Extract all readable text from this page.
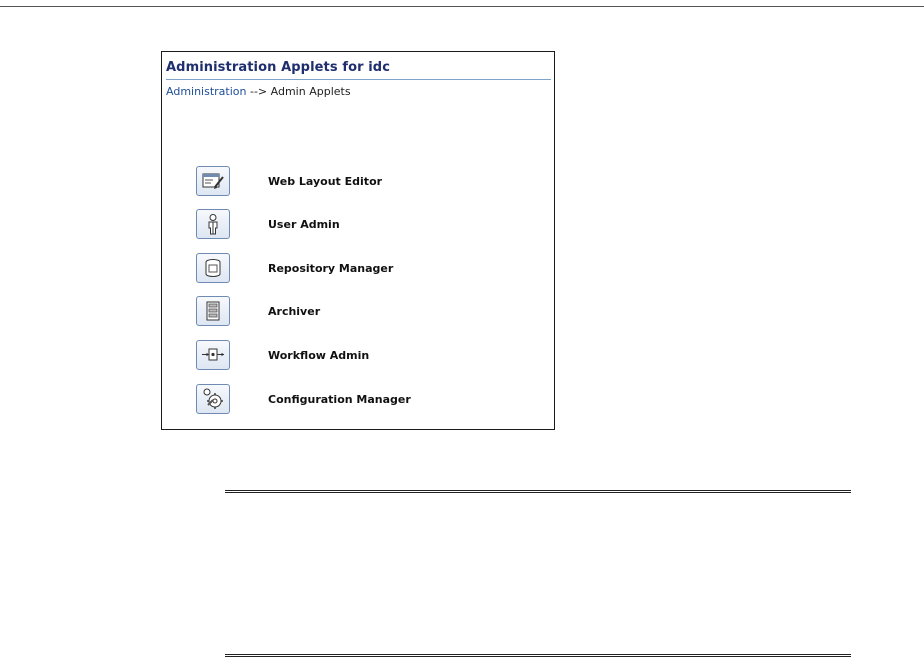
Administration Applets for idc
Administration --> Admin Applets
Web Layout Editor
User Admin
Repository Manager
Archiver
Workflow Admin
Configuration Manager
